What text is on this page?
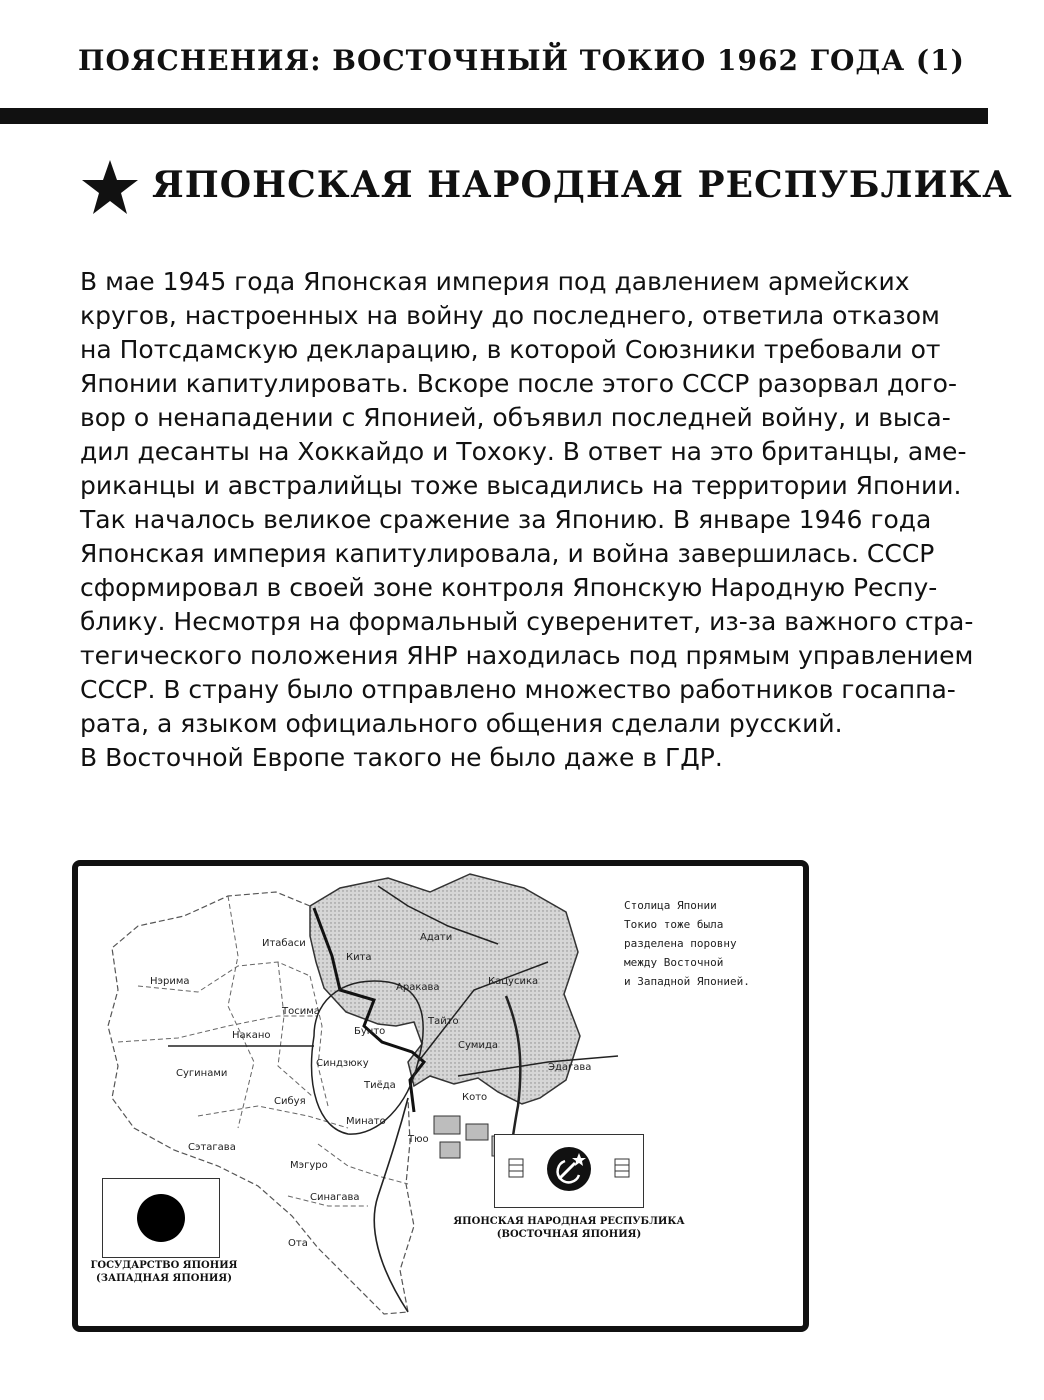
ПОЯСНЕНИЯ: ВОСТОЧНЫЙ ТОКИО 1962 ГОДА (1)
ЯПОНСКАЯ НАРОДНАЯ РЕСПУБЛИКА

В мае 1945 года Японская империя под давлением армейских
кругов, настроенных на войну до последнего, ответила отказом
на Потсдамскую декларацию, в которой Союзники требовали от
Японии капитулировать. Вскоре после этого СССР разорвал дого-
вор о ненападении с Японией, объявил последней войну, и выса-
дил десанты на Хоккайдо и Тохоку. В ответ на это британцы, аме-
риканцы и австралийцы тоже высадились на территории Японии.
Так началось великое сражение за Японию. В январе 1946 года
Японская империя капитулировала, и война завершилась. СССР
сформировал в своей зоне контроля Японскую Народную Респу-
блику. Несмотря на формальный суверенитет, из-за важного стра-
тегического положения ЯНР находилась под прямым управлением
СССР. В страну было отправлено множество работников госаппа-
рата, а языком официального общения сделали русский.
В Восточной Европе такого не было даже в ГДР.

Итабаси
Нэрима
Тосима
Накано
Сугинами
Синдзюку
Сибуя
Сэтагава
Мэгуро
Синагава
Ота
Минато
Тиёда
Тюо
Адати
Кита
Аракава
Кацусика
Бунто
Тайто
Сумида
Эдагава
Кото

Столица Японии
Токио тоже была
разделена поровну
между Восточной
и Западной Японией.

ГОСУДАРСТВО ЯПОНИЯ
(ЗАПАДНАЯ ЯПОНИЯ)
ЯПОНСКАЯ НАРОДНАЯ РЕСПУБЛИКА
(ВОСТОЧНАЯ ЯПОНИЯ)
